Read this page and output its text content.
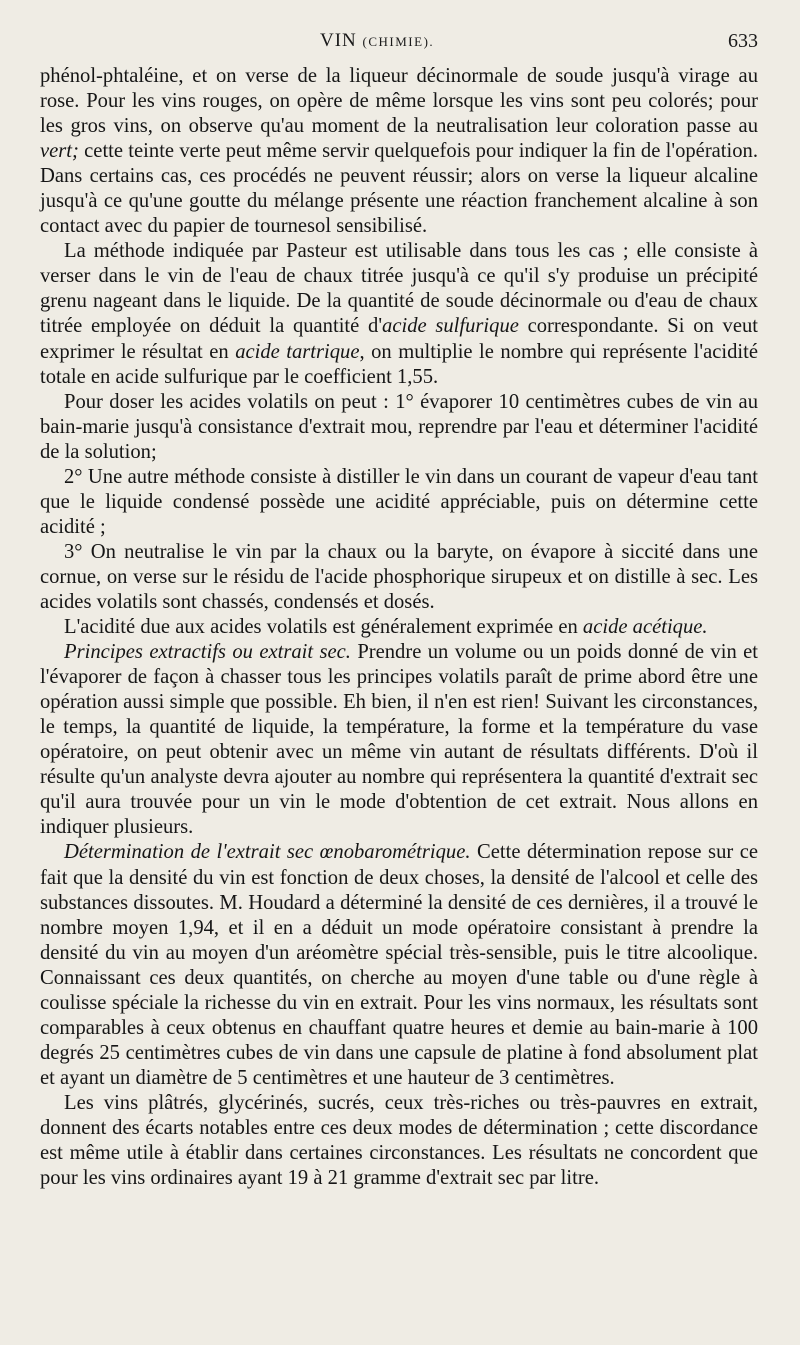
VIN (CHIMIE).	633

phénol-phtaléine, et on verse de la liqueur décinormale de soude jusqu'à virage au rose. Pour les vins rouges, on opère de même lorsque les vins sont peu colorés; pour les gros vins, on observe qu'au moment de la neutralisation leur coloration passe au vert; cette teinte verte peut même servir quelquefois pour indiquer la fin de l'opération. Dans certains cas, ces procédés ne peuvent réussir; alors on verse la liqueur alcaline jusqu'à ce qu'une goutte du mélange présente une réaction franchement alcaline à son contact avec du papier de tournesol sensibilisé.

La méthode indiquée par Pasteur est utilisable dans tous les cas ; elle consiste à verser dans le vin de l'eau de chaux titrée jusqu'à ce qu'il s'y produise un précipité grenu nageant dans le liquide. De la quantité de soude décinormale ou d'eau de chaux titrée employée on déduit la quantité d'acide sulfurique correspondante. Si on veut exprimer le résultat en acide tartrique, on multiplie le nombre qui représente l'acidité totale en acide sulfurique par le coefficient 1,55.

Pour doser les acides volatils on peut : 1° évaporer 10 centimètres cubes de vin au bain-marie jusqu'à consistance d'extrait mou, reprendre par l'eau et déterminer l'acidité de la solution;

2° Une autre méthode consiste à distiller le vin dans un courant de vapeur d'eau tant que le liquide condensé possède une acidité appréciable, puis on détermine cette acidité ;

3° On neutralise le vin par la chaux ou la baryte, on évapore à siccité dans une cornue, on verse sur le résidu de l'acide phosphorique sirupeux et on distille à sec. Les acides volatils sont chassés, condensés et dosés.

L'acidité due aux acides volatils est généralement exprimée en acide acétique.

Principes extractifs ou extrait sec. Prendre un volume ou un poids donné de vin et l'évaporer de façon à chasser tous les principes volatils paraît de prime abord être une opération aussi simple que possible. Eh bien, il n'en est rien! Suivant les circonstances, le temps, la quantité de liquide, la température, la forme et la température du vase opératoire, on peut obtenir avec un même vin autant de résultats différents. D'où il résulte qu'un analyste devra ajouter au nombre qui représentera la quantité d'extrait sec qu'il aura trouvée pour un vin le mode d'obtention de cet extrait. Nous allons en indiquer plusieurs.

Détermination de l'extrait sec œnobarométrique. Cette détermination repose sur ce fait que la densité du vin est fonction de deux choses, la densité de l'alcool et celle des substances dissoutes. M. Houdard a déterminé la densité de ces dernières, il a trouvé le nombre moyen 1,94, et il en a déduit un mode opératoire consistant à prendre la densité du vin au moyen d'un aréomètre spécial très-sensible, puis le titre alcoolique. Connaissant ces deux quantités, on cherche au moyen d'une table ou d'une règle à coulisse spéciale la richesse du vin en extrait. Pour les vins normaux, les résultats sont comparables à ceux obtenus en chauffant quatre heures et demie au bain-marie à 100 degrés 25 centimètres cubes de vin dans une capsule de platine à fond absolument plat et ayant un diamètre de 5 centimètres et une hauteur de 3 centimètres.

Les vins plâtrés, glycérinés, sucrés, ceux très-riches ou très-pauvres en extrait, donnent des écarts notables entre ces deux modes de détermination ; cette discordance est même utile à établir dans certaines circonstances. Les résultats ne concordent que pour les vins ordinaires ayant 19 à 21 gramme d'extrait sec par litre.
